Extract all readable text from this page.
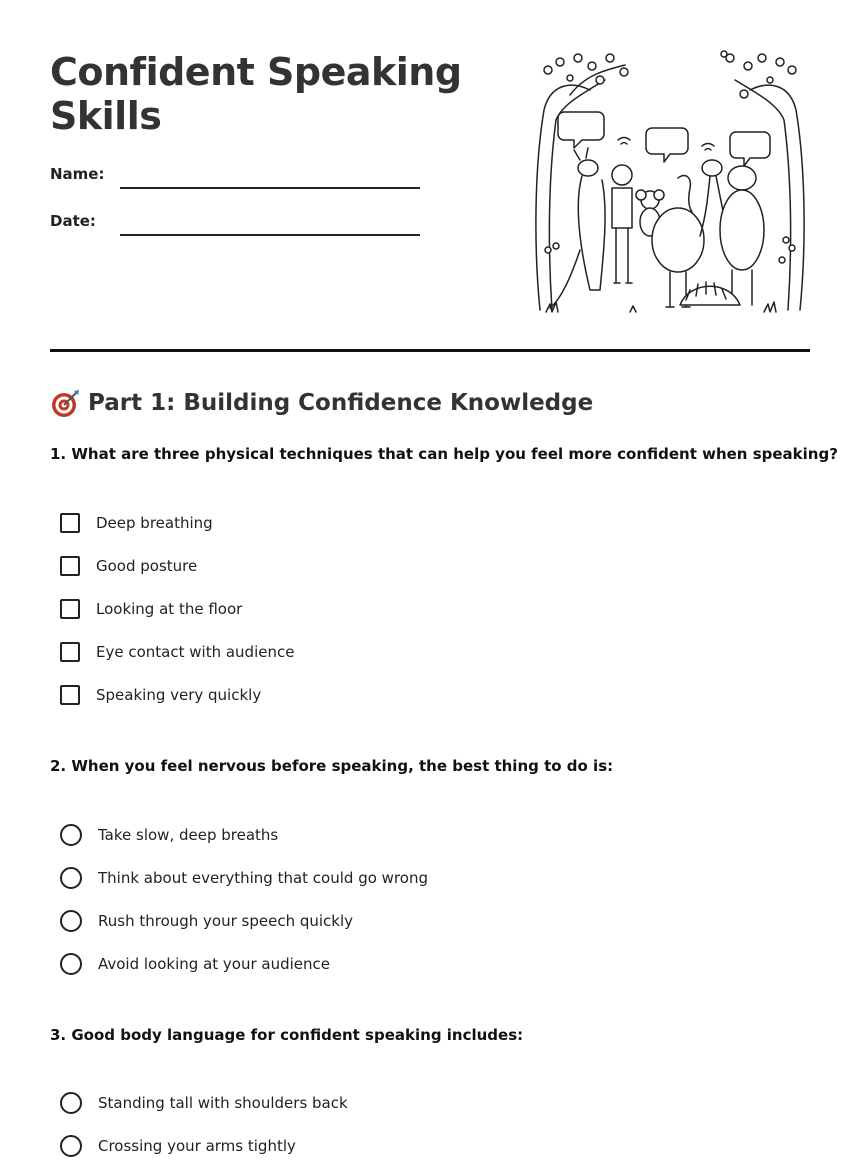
Confident Speaking Skills
Name:
Date:
Part 1: Building Confidence Knowledge
1. What are three physical techniques that can help you feel more confident when speaking?
Deep breathing
Good posture
Looking at the floor
Eye contact with audience
Speaking very quickly
2. When you feel nervous before speaking, the best thing to do is:
Take slow, deep breaths
Think about everything that could go wrong
Rush through your speech quickly
Avoid looking at your audience
3. Good body language for confident speaking includes:
Standing tall with shoulders back
Crossing your arms tightly
